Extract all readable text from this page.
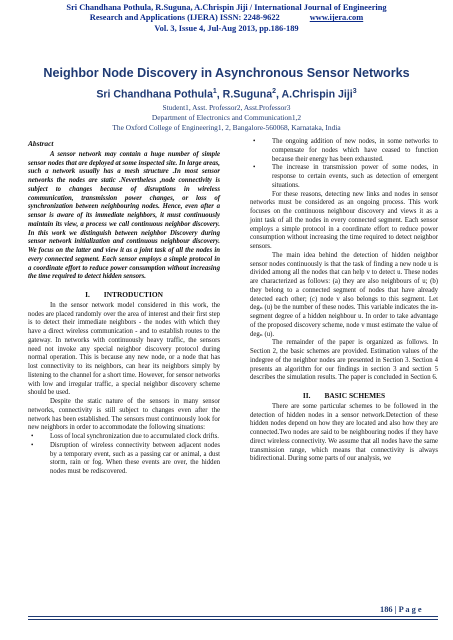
Sri Chandhana Pothula, R.Suguna, A.Chrispin Jiji / International Journal of Engineering
Research and Applications (IJERA) ISSN: 2248-9622	www.ijera.com
Vol. 3, Issue 4, Jul-Aug 2013, pp.186-189
Neighbor Node Discovery in Asynchronous Sensor Networks
Sri Chandhana Pothula$^1$, R.Suguna$^2$, A.Chrispin Jiji$^3$
Student1, Asst. Professor2, Asst.Professor3
Department of Electronics and Communication1,2
The Oxford College of Engineering1, 2, Bangalore-560068, Karnataka, India
Abstract

A sensor network may contain a huge number of simple sensor nodes that are deployed at some inspected site. In large areas, such a network usually has a mesh structure .In most sensor networks the nodes are static .Nevertheless ,node connectivity is subject to changes because of disruptions in wireless communication, transmission power changes, or loss of synchronization between neighbouring nodes. Hence, even after a sensor is aware of its immediate neighbors, it must continuously maintain its view, a process we call continuous neighbor discovery. In this work we distinguish between neighbor Discovery during sensor network initialization and continuous neighbour discovery. We focus on the latter and view it as a joint task of all the nodes in every connected segment. Each sensor employs a simple protocol in a coordinate effort to reduce power consumption without increasing the time required to detect hidden sensors.

I. INTRODUCTION

In the sensor network model considered in this work, the nodes are placed randomly over the area of interest and their first step is to detect their immediate neighbors - the nodes with which they have a direct wireless communication - and to establish routes to the gateway. In networks with continuously heavy traffic, the sensors need not invoke any special neighbor discovery protocol during normal operation. This is because any new node, or a node that has lost connectivity to its neighbors, can hear its neighbors simply by listening to the channel for a short time. However, for sensor networks with low and irregular traffic, a special neighbor discovery scheme should be used.

Despite the static nature of the sensors in many sensor networks, connectivity is still subject to changes even after the network has been established. The sensors must continuously look for new neighbors in order to accommodate the following situations:

• Loss of local synchronization due to accumulated clock drifts.
• Disruption of wireless connectivity between adjacent nodes by a temporary event, such as a passing car or animal, a dust storm, rain or fog. When these events are over, the hidden nodes must be rediscovered.
• The ongoing addition of new nodes, in some networks to compensate for nodes which have ceased to function because their energy has been exhausted.
• The increase in transmission power of some nodes, in response to certain events, such as detection of emergent situations.

For these reasons, detecting new links and nodes in sensor networks must be considered as an ongoing process. This work focuses on the continuous neighbour discovery and views it as a joint task of all the nodes in every connected segment. Each sensor employs a simple protocol in a coordinate effort to reduce power consumption without increasing the time required to detect neighbor sensors.

The main idea behind the detection of hidden neighbor sensor nodes continuously is that the task of finding a new node u is divided among all the nodes that can help v to detect u. These nodes are characterized as follows: (a) they are also neighbours of u; (b) they belong to a connected segment of nodes that have already detected each other; (c) node v also belongs to this segment. Let degₙ (u) be the number of these nodes. This variable indicates the in-segment degree of a hidden neighbour u. In order to take advantage of the proposed discovery scheme, node v must estimate the value of degₙ (u).

The remainder of the paper is organized as follows. In Section 2, the basic schemes are provided. Estimation values of the indegree of the neighbor nodes are presented in Section 3. Section 4 presents an algorithm for our findings in section 3 and section 5 describes the simulation results. The paper is concluded in Section 6.

II. BASIC SCHEMES

There are some particular schemes to be followed in the detection of hidden nodes in a sensor network.Detection of these hidden nodes depend on how they are located and also how they are connected.Two nodes are said to be neighbouring nodes if they have direct wireless connectivity. We assume that all nodes have the same transmission range, which means that connectivity is always bidirectional. During some parts of our analysis, we

186 | P a g e
